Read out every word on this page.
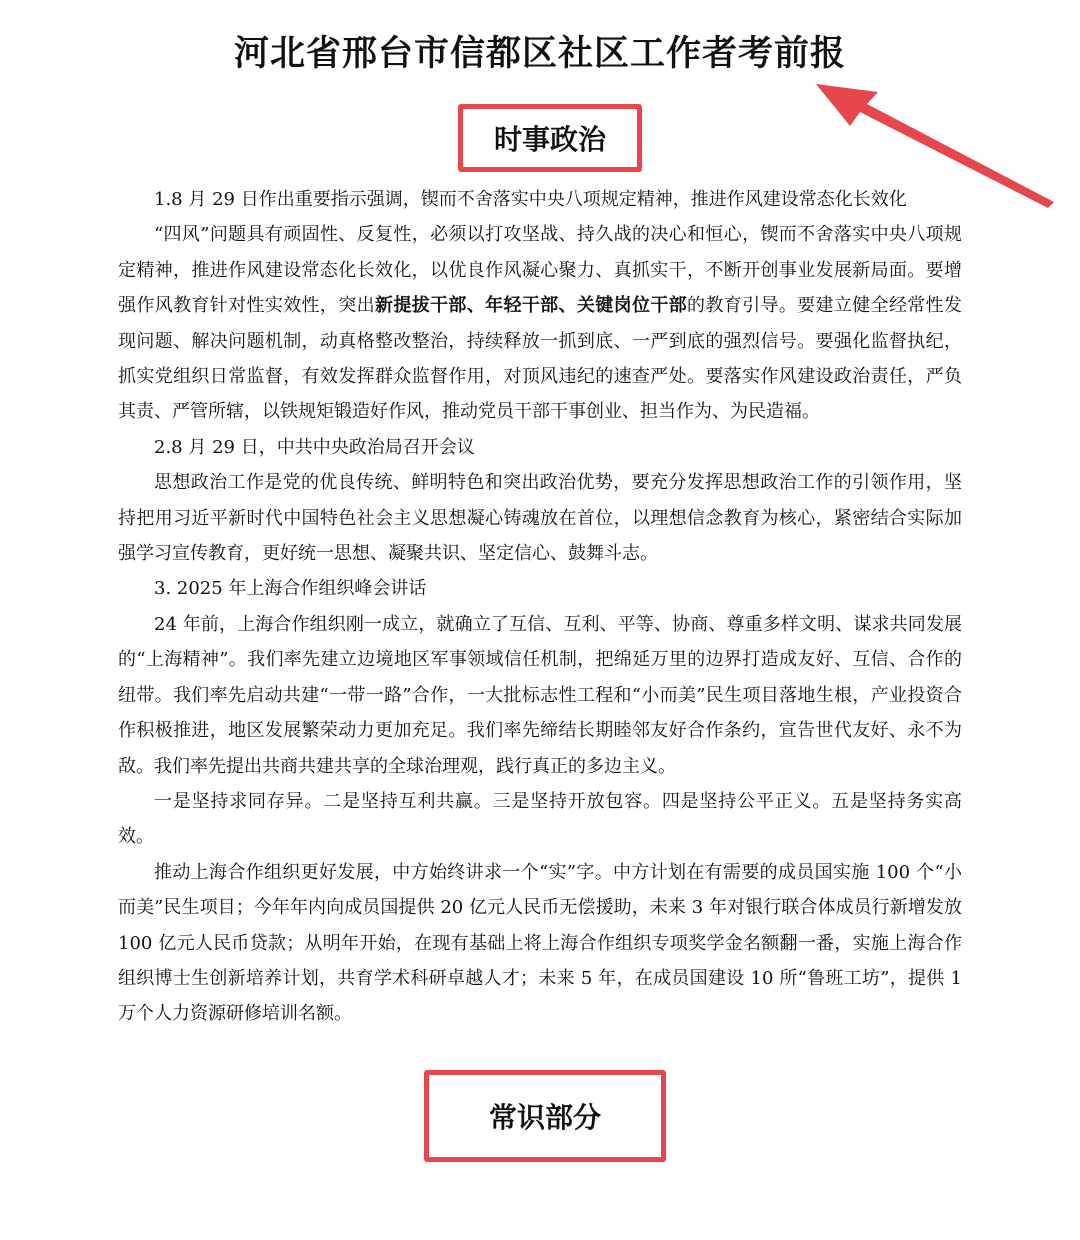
河北省邢台市信都区社区工作者考前报
时事政治

1.8 月 29 日作出重要指示强调，锲而不舍落实中央八项规定精神，推进作风建设常态化长效化

“四风”问题具有顽固性、反复性，必须以打攻坚战、持久战的决心和恒心，锲而不舍落实中央八项规定精神，推进作风建设常态化长效化，以优良作风凝心聚力、真抓实干，不断开创事业发展新局面。要增强作风教育针对性实效性，突出新提拔干部、年轻干部、关键岗位干部的教育引导。要建立健全经常性发现问题、解决问题机制，动真格整改整治，持续释放一抓到底、一严到底的强烈信号。要强化监督执纪，抓实党组织日常监督，有效发挥群众监督作用，对顶风违纪的速查严处。要落实作风建设政治责任，严负其责、严管所辖，以铁规矩锻造好作风，推动党员干部干事创业、担当作为、为民造福。

2.8 月 29 日，中共中央政治局召开会议

思想政治工作是党的优良传统、鲜明特色和突出政治优势，要充分发挥思想政治工作的引领作用，坚持把用习近平新时代中国特色社会主义思想凝心铸魂放在首位，以理想信念教育为核心，紧密结合实际加强学习宣传教育，更好统一思想、凝聚共识、坚定信心、鼓舞斗志。

3. 2025 年上海合作组织峰会讲话

24 年前，上海合作组织刚一成立，就确立了互信、互利、平等、协商、尊重多样文明、谋求共同发展的“上海精神”。我们率先建立边境地区军事领域信任机制，把绵延万里的边界打造成友好、互信、合作的纽带。我们率先启动共建“一带一路”合作，一大批标志性工程和“小而美”民生项目落地生根，产业投资合作积极推进，地区发展繁荣动力更加充足。我们率先缔结长期睦邻友好合作条约，宣告世代友好、永不为敌。我们率先提出共商共建共享的全球治理观，践行真正的多边主义。

一是坚持求同存异。二是坚持互利共赢。三是坚持开放包容。四是坚持公平正义。五是坚持务实高效。

推动上海合作组织更好发展，中方始终讲求一个“实”字。中方计划在有需要的成员国实施 100 个“小而美”民生项目；今年年内向成员国提供 20 亿元人民币无偿援助，未来 3 年对银行联合体成员行新增发放 100 亿元人民币贷款；从明年开始，在现有基础上将上海合作组织专项奖学金名额翻一番，实施上海合作组织博士生创新培养计划，共育学术科研卓越人才；未来 5 年，在成员国建设 10 所“鲁班工坊”，提供 1 万个人力资源研修培训名额。

常识部分
